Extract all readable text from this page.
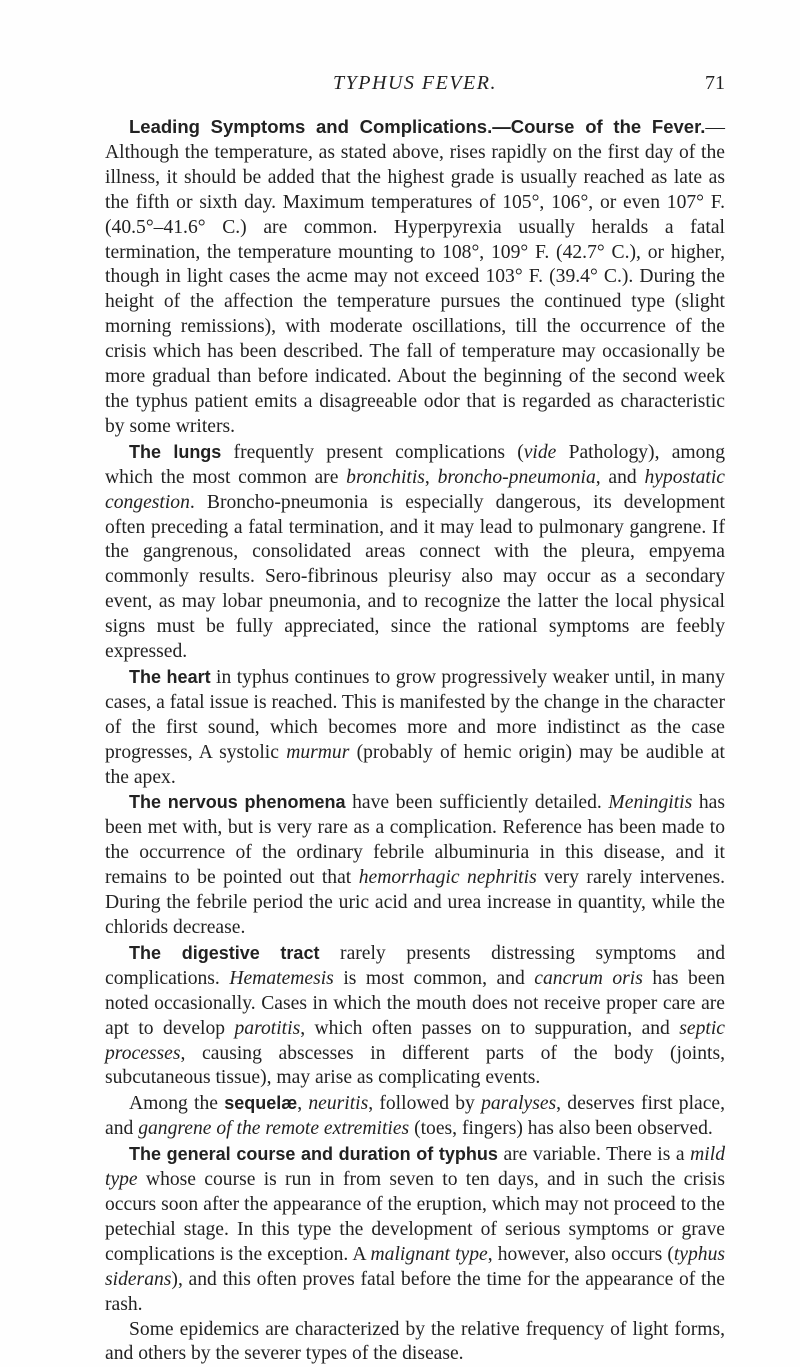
TYPHUS FEVER.	71

Leading Symptoms and Complications.—Course of the Fever.—Although the temperature, as stated above, rises rapidly on the first day of the illness, it should be added that the highest grade is usually reached as late as the fifth or sixth day. Maximum temperatures of 105°, 106°, or even 107° F. (40.5°–41.6° C.) are common. Hyperpyrexia usually heralds a fatal termination, the temperature mounting to 108°, 109° F. (42.7° C.), or higher, though in light cases the acme may not exceed 103° F. (39.4° C.). During the height of the affection the temperature pursues the continued type (slight morning remissions), with moderate oscillations, till the occurrence of the crisis which has been described. The fall of temperature may occasionally be more gradual than before indicated. About the beginning of the second week the typhus patient emits a disagreeable odor that is regarded as characteristic by some writers.

The lungs frequently present complications (vide Pathology), among which the most common are bronchitis, broncho-pneumonia, and hypostatic congestion. Broncho-pneumonia is especially dangerous, its development often preceding a fatal termination, and it may lead to pulmonary gangrene. If the gangrenous, consolidated areas connect with the pleura, empyema commonly results. Sero-fibrinous pleurisy also may occur as a secondary event, as may lobar pneumonia, and to recognize the latter the local physical signs must be fully appreciated, since the rational symptoms are feebly expressed.

The heart in typhus continues to grow progressively weaker until, in many cases, a fatal issue is reached. This is manifested by the change in the character of the first sound, which becomes more and more indistinct as the case progresses, A systolic murmur (probably of hemic origin) may be audible at the apex.

The nervous phenomena have been sufficiently detailed. Meningitis has been met with, but is very rare as a complication. Reference has been made to the occurrence of the ordinary febrile albuminuria in this disease, and it remains to be pointed out that hemorrhagic nephritis very rarely intervenes. During the febrile period the uric acid and urea increase in quantity, while the chlorids decrease.

The digestive tract rarely presents distressing symptoms and complications. Hematemesis is most common, and cancrum oris has been noted occasionally. Cases in which the mouth does not receive proper care are apt to develop parotitis, which often passes on to suppuration, and septic processes, causing abscesses in different parts of the body (joints, subcutaneous tissue), may arise as complicating events.

Among the sequelæ, neuritis, followed by paralyses, deserves first place, and gangrene of the remote extremities (toes, fingers) has also been observed.

The general course and duration of typhus are variable. There is a mild type whose course is run in from seven to ten days, and in such the crisis occurs soon after the appearance of the eruption, which may not proceed to the petechial stage. In this type the development of serious symptoms or grave complications is the exception. A malignant type, however, also occurs (typhus siderans), and this often proves fatal before the time for the appearance of the rash.

Some epidemics are characterized by the relative frequency of light forms, and others by the severer types of the disease.
